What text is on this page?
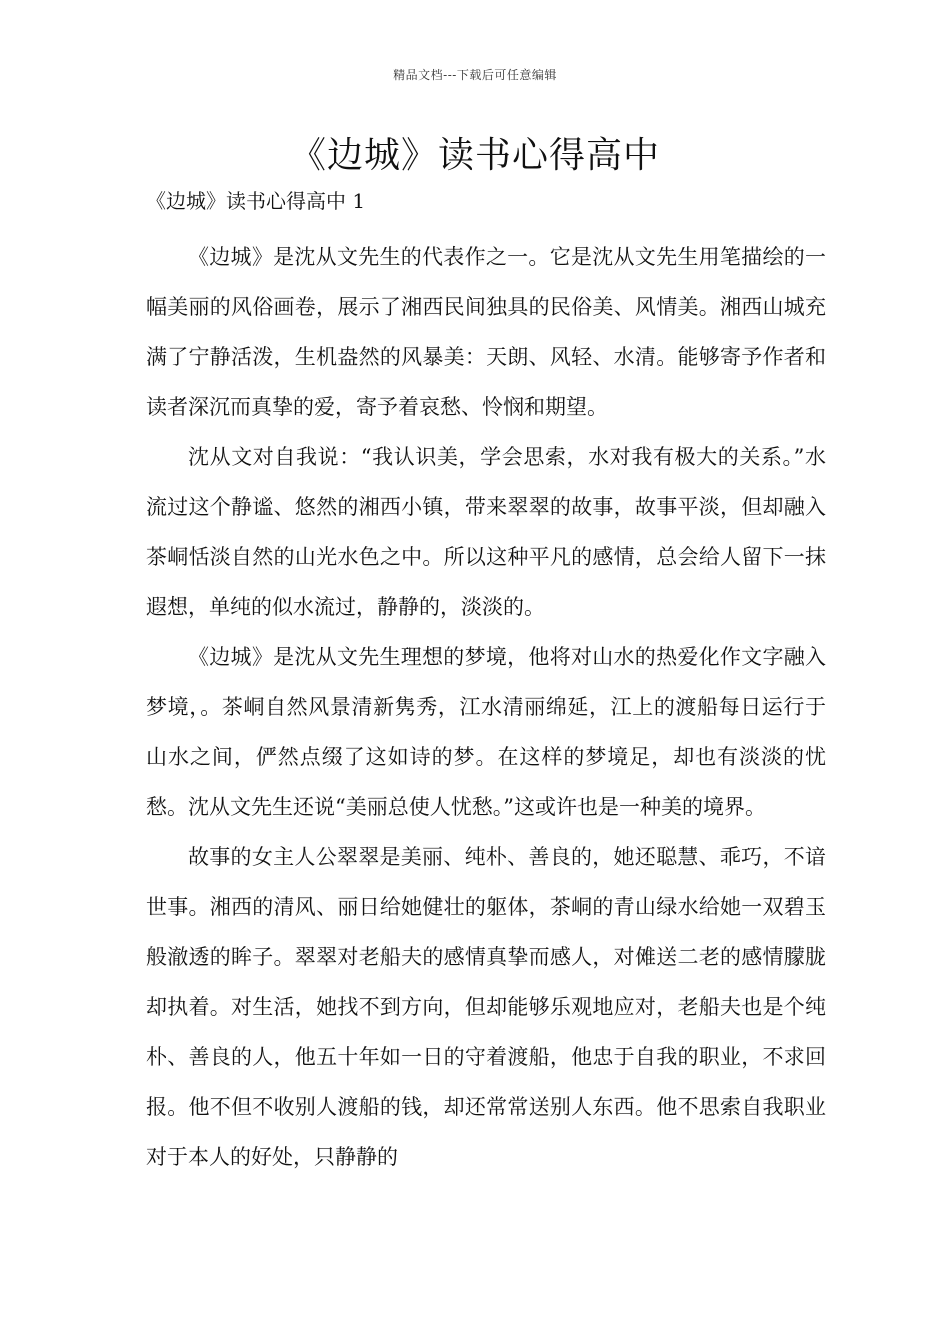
精品文档---下载后可任意编辑
《边城》读书心得高中
《边城》读书心得高中 1

《边城》是沈从文先生的代表作之一。它是沈从文先生用笔描绘的一幅美丽的风俗画卷，展示了湘西民间独具的民俗美、风情美。湘西山城充满了宁静活泼，生机盎然的风暴美：天朗、风轻、水清。能够寄予作者和读者深沉而真挚的爱，寄予着哀愁、怜悯和期望。

沈从文对自我说：“我认识美，学会思索，水对我有极大的关系。”水流过这个静谧、悠然的湘西小镇，带来翠翠的故事，故事平淡，但却融入茶峒恬淡自然的山光水色之中。所以这种平凡的感情，总会给人留下一抹遐想，单纯的似水流过，静静的，淡淡的。

《边城》是沈从文先生理想的梦境，他将对山水的热爱化作文字融入梦境，。茶峒自然风景清新隽秀，江水清丽绵延，江上的渡船每日运行于山水之间，俨然点缀了这如诗的梦。在这样的梦境足，却也有淡淡的忧愁。沈从文先生还说“美丽总使人忧愁。”这或许也是一种美的境界。

故事的女主人公翠翠是美丽、纯朴、善良的，她还聪慧、乖巧，不谙世事。湘西的清风、丽日给她健壮的躯体，茶峒的青山绿水给她一双碧玉般澈透的眸子。翠翠对老船夫的感情真挚而感人，对傩送二老的感情朦胧却执着。对生活，她找不到方向，但却能够乐观地应对，老船夫也是个纯朴、善良的人，他五十年如一日的守着渡船，他忠于自我的职业，不求回报。他不但不收别人渡船的钱，却还常常送别人东西。他不思索自我职业对于本人的好处，只静静的
